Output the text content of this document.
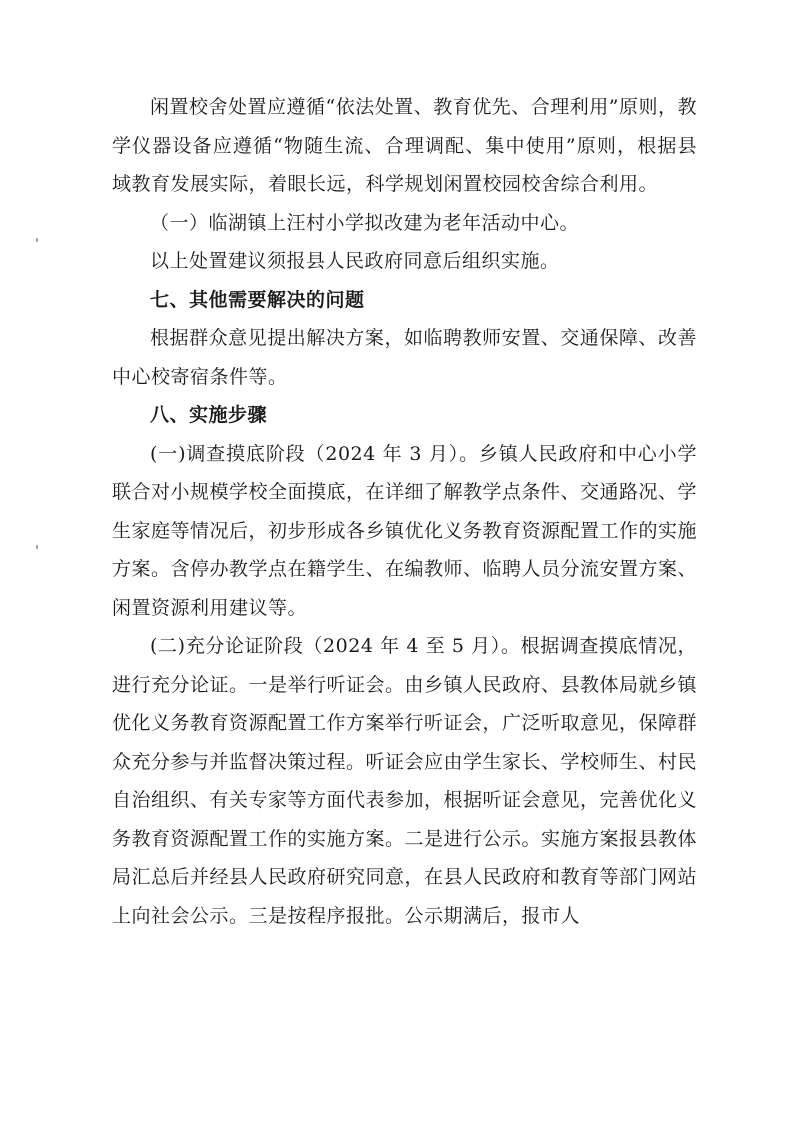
闲置校舍处置应遵循“依法处置、教育优先、合理利用”原则，教学仪器设备应遵循“物随生流、合理调配、集中使用”原则，根据县域教育发展实际，着眼长远，科学规划闲置校园校舍综合利用。

（一）临湖镇上汪村小学拟改建为老年活动中心。

以上处置建议须报县人民政府同意后组织实施。

七、其他需要解决的问题

根据群众意见提出解决方案，如临聘教师安置、交通保障、改善中心校寄宿条件等。

八、实施步骤

(一)调查摸底阶段（2024 年 3 月）。乡镇人民政府和中心小学联合对小规模学校全面摸底，在详细了解教学点条件、交通路况、学生家庭等情况后，初步形成各乡镇优化义务教育资源配置工作的实施方案。含停办教学点在籍学生、在编教师、临聘人员分流安置方案、闲置资源利用建议等。

(二)充分论证阶段（2024 年 4 至 5 月）。根据调查摸底情况，进行充分论证。一是举行听证会。由乡镇人民政府、县教体局就乡镇优化义务教育资源配置工作方案举行听证会，广泛听取意见，保障群众充分参与并监督决策过程。听证会应由学生家长、学校师生、村民自治组织、有关专家等方面代表参加，根据听证会意见，完善优化义务教育资源配置工作的实施方案。二是进行公示。实施方案报县教体局汇总后并经县人民政府研究同意，在县人民政府和教育等部门网站上向社会公示。三是按程序报批。公示期满后，报市人
